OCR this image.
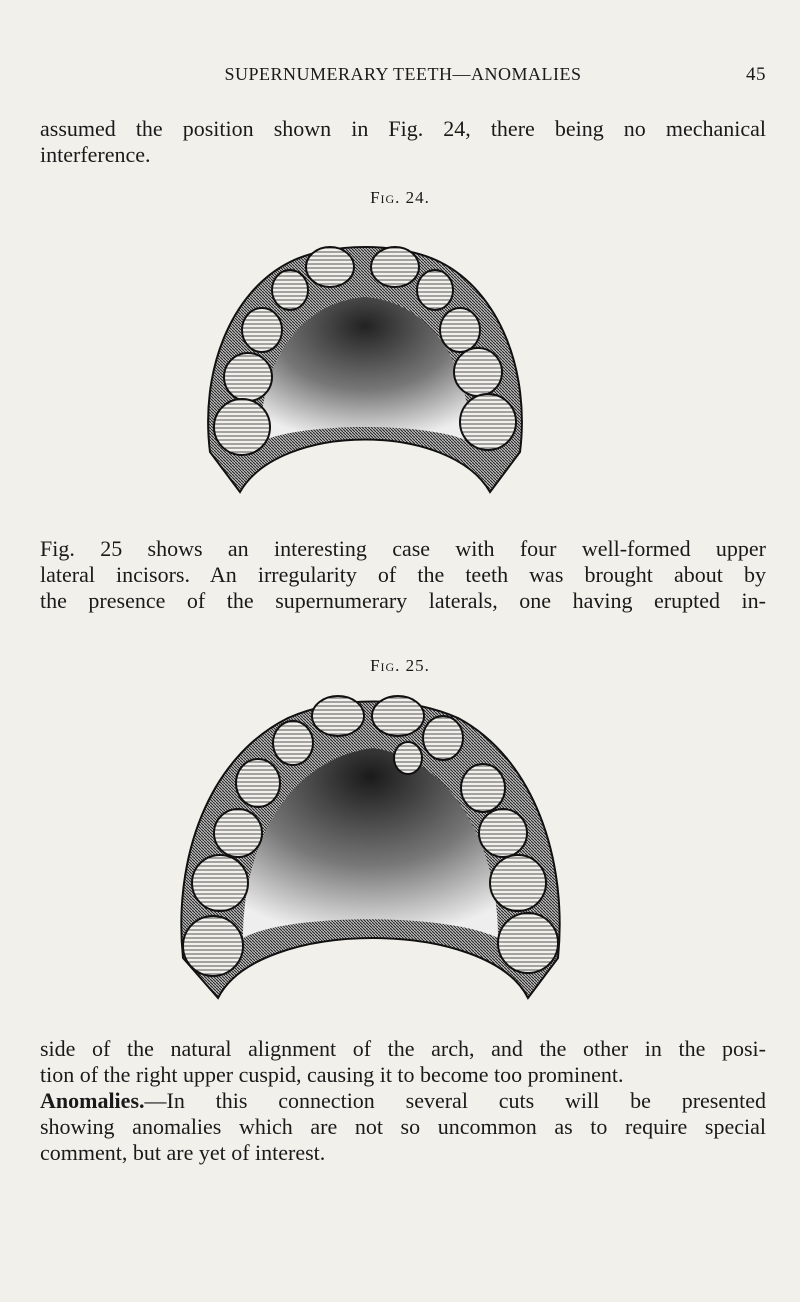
SUPERNUMERARY TEETH—ANOMALIES	45
assumed the position shown in Fig. 24, there being no mechanical
interference.
Fig. 24.
Fig. 25 shows an interesting case with four well-formed upper
lateral incisors. An irregularity of the teeth was brought about by
the presence of the supernumerary laterals, one having erupted in-
Fig. 25.
side of the natural alignment of the arch, and the other in the posi-
tion of the right upper cuspid, causing it to become too prominent.
Anomalies.—In this connection several cuts will be presented
showing anomalies which are not so uncommon as to require special
comment, but are yet of interest.
